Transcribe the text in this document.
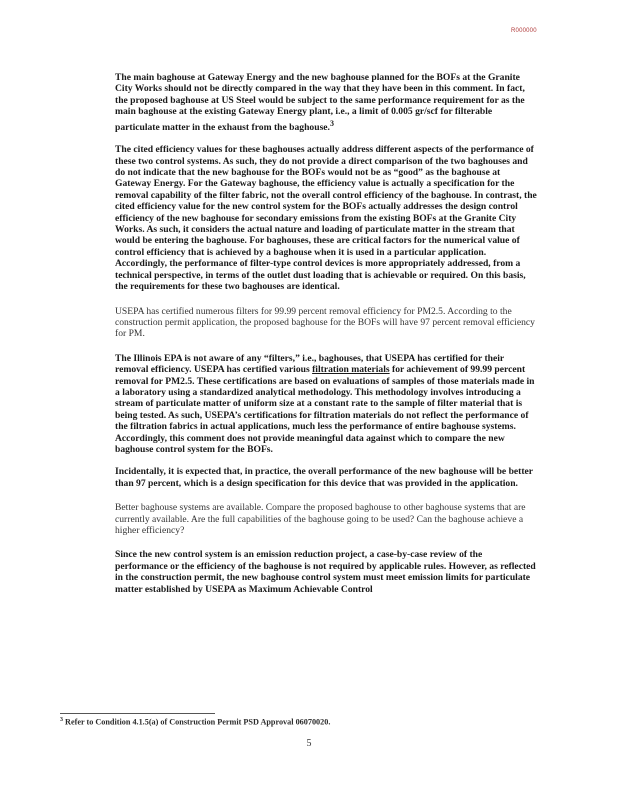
R000000

The main baghouse at Gateway Energy and the new baghouse planned for the BOFs at the Granite City Works should not be directly compared in the way that they have been in this comment. In fact, the proposed baghouse at US Steel would be subject to the same performance requirement for as the main baghouse at the existing Gateway Energy plant, i.e., a limit of 0.005 gr/scf for filterable particulate matter in the exhaust from the baghouse.$^3$

The cited efficiency values for these baghouses actually address different aspects of the performance of these two control systems. As such, they do not provide a direct comparison of the two baghouses and do not indicate that the new baghouse for the BOFs would not be as “good” as the baghouse at Gateway Energy. For the Gateway baghouse, the efficiency value is actually a specification for the removal capability of the filter fabric, not the overall control efficiency of the baghouse. In contrast, the cited efficiency value for the new control system for the BOFs actually addresses the design control efficiency of the new baghouse for secondary emissions from the existing BOFs at the Granite City Works. As such, it considers the actual nature and loading of particulate matter in the stream that would be entering the baghouse. For baghouses, these are critical factors for the numerical value of control efficiency that is achieved by a baghouse when it is used in a particular application. Accordingly, the performance of filter-type control devices is more appropriately addressed, from a technical perspective, in terms of the outlet dust loading that is achievable or required. On this basis, the requirements for these two baghouses are identical.

USEPA has certified numerous filters for 99.99 percent removal efficiency for PM2.5. According to the construction permit application, the proposed baghouse for the BOFs will have 97 percent removal efficiency for PM.

The Illinois EPA is not aware of any “filters,” i.e., baghouses, that USEPA has certified for their removal efficiency. USEPA has certified various filtration materials for achievement of 99.99 percent removal for PM2.5. These certifications are based on evaluations of samples of those materials made in a laboratory using a standardized analytical methodology. This methodology involves introducing a stream of particulate matter of uniform size at a constant rate to the sample of filter material that is being tested. As such, USEPA’s certifications for filtration materials do not reflect the performance of the filtration fabrics in actual applications, much less the performance of entire baghouse systems. Accordingly, this comment does not provide meaningful data against which to compare the new baghouse control system for the BOFs.

Incidentally, it is expected that, in practice, the overall performance of the new baghouse will be better than 97 percent, which is a design specification for this device that was provided in the application.

Better baghouse systems are available. Compare the proposed baghouse to other baghouse systems that are currently available. Are the full capabilities of the baghouse going to be used? Can the baghouse achieve a higher efficiency?

Since the new control system is an emission reduction project, a case-by-case review of the performance or the efficiency of the baghouse is not required by applicable rules. However, as reflected in the construction permit, the new baghouse control system must meet emission limits for particulate matter established by USEPA as Maximum Achievable Control

$^3$ Refer to Condition 4.1.5(a) of Construction Permit PSD Approval 06070020.
5
